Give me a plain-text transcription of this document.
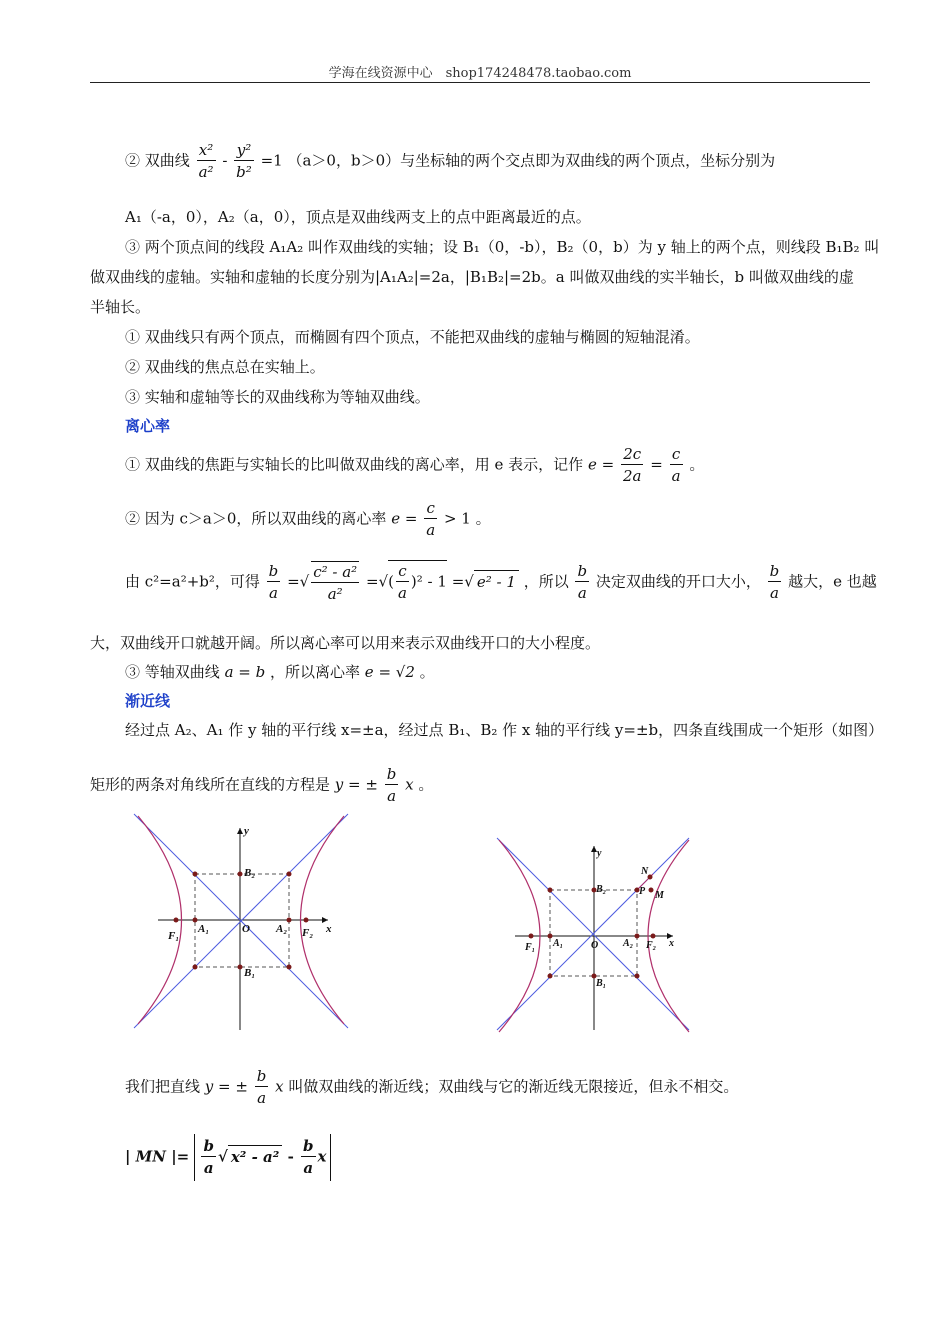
学海在线资源中心　shop174248478.taobao.com
② 双曲线 $\frac{\text{x²}}{\text{a²}} - \frac{\text{y²}}{\text{b²}} =1$ （a＞0，b＞0）与坐标轴的两个交点即为双曲线的两个顶点，坐标分别为
A₁（-a，0），A₂（a，0），顶点是双曲线两支上的点中距离最近的点。
③ 两个顶点间的线段 A₁A₂ 叫作双曲线的实轴；设 B₁（0，-b），B₂（0，b）为 y 轴上的两个点，则线段 B₁B₂ 叫
做双曲线的虚轴。实轴和虚轴的长度分别为|A₁A₂|=2a，|B₁B₂|=2b。a 叫做双曲线的实半轴长，b 叫做双曲线的虚
半轴长。
① 双曲线只有两个顶点，而椭圆有四个顶点，不能把双曲线的虚轴与椭圆的短轴混淆。
② 双曲线的焦点总在实轴上。
③ 实轴和虚轴等长的双曲线称为等轴双曲线。
离心率
① 双曲线的焦距与实轴长的比叫做双曲线的离心率，用 e 表示，记作 $e = \frac{2c}{2a} = \frac{c}{a}$ 。
② 因为 c＞a＞0，所以双曲线的离心率 $e = \frac{c}{a} > 1$ 。
由 c²=a²+b²，可得 $\frac{b}{a}$ =√ $\frac{\text{c² - a²}}{\text{a²}}$ =√( $\frac{c}{a} )^2 - 1$ =√ e² - 1 ，所以 $\frac{b}{a}$ 决定双曲线的开口大小， $\frac{b}{a}$ 越大，e 也越
大，双曲线开口就越开阔。所以离心率可以用来表示双曲线开口的大小程度。
③ 等轴双曲线 a = b ，所以离心率 e = √2 。
渐近线
经过点 A₂、A₁ 作 y 轴的平行线 x=±a，经过点 B₁、B₂ 作 x 轴的平行线 y=±b，四条直线围成一个矩形（如图）
矩形的两条对角线所在直线的方程是 y = ± $\frac{b}{a}$ x 。
y
x
O
B₂
B₁
F₁
A₁	A₂ F₂
y
x
O
B₂
B₁
F₁ A₁	A₂ F₂
N
P M
我们把直线 y = ± $\frac{b}{a}$ x 叫做双曲线的渐近线；双曲线与它的渐近线无限接近，但永不相交。
| MN |= $\frac{b}{a}$ √ $x^2 - a^2 - \frac{b}{a}$ x
